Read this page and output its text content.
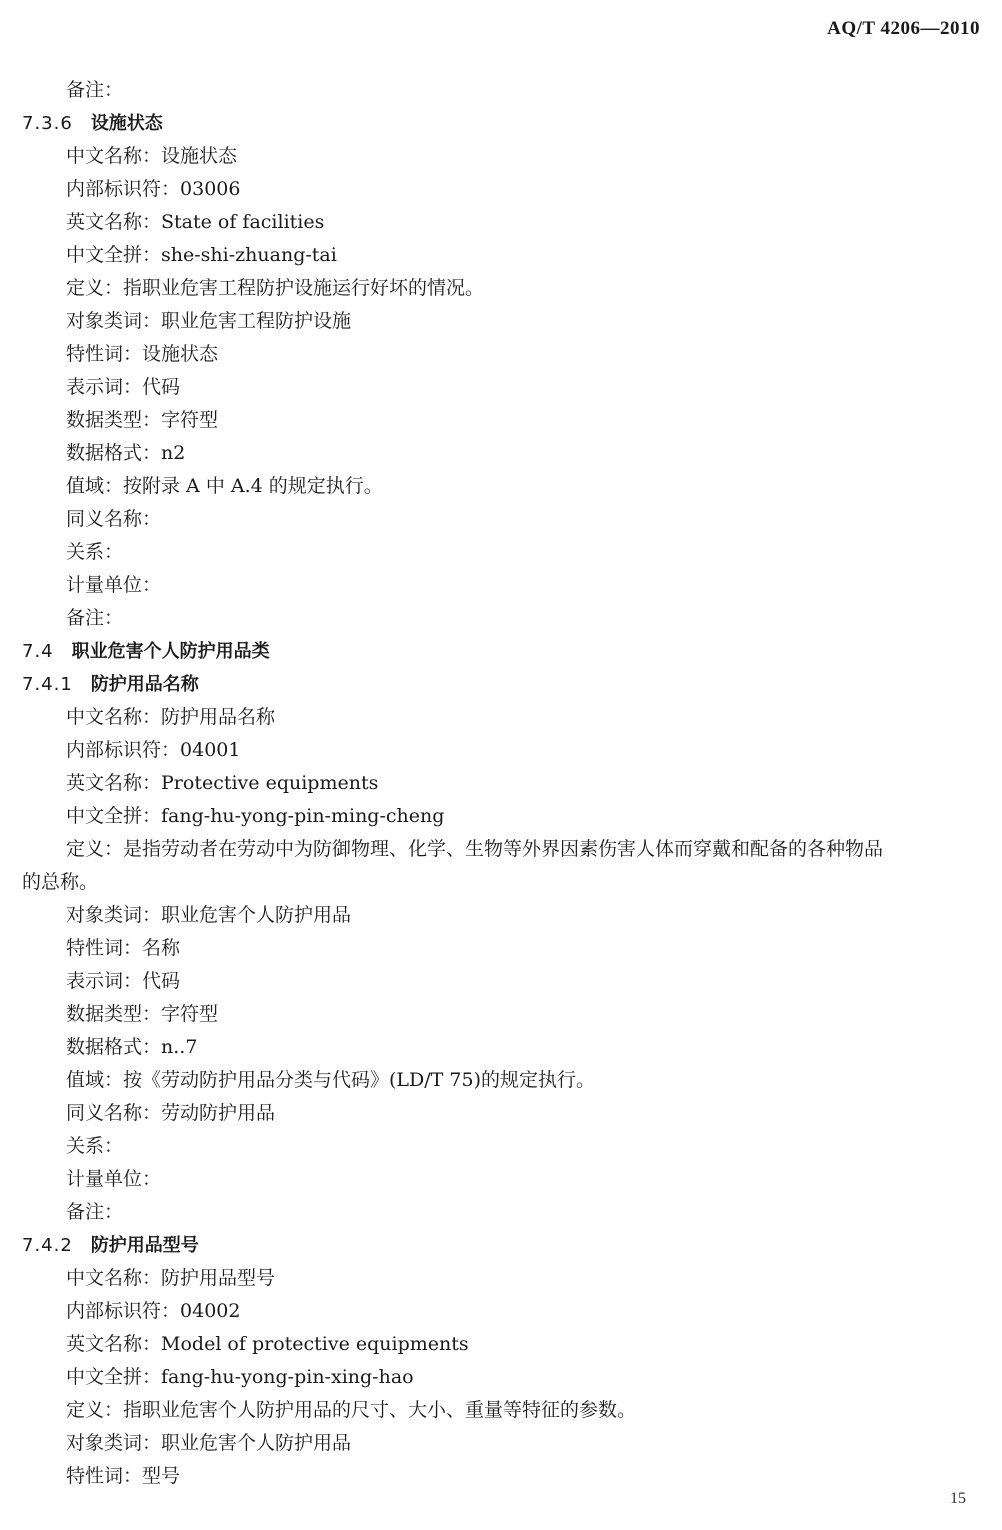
AQ/T 4206—2010
备注：
7.3.6 设施状态
中文名称：设施状态
内部标识符：03006
英文名称：State of facilities
中文全拼：she-shi-zhuang-tai
定义：指职业危害工程防护设施运行好坏的情况。
对象类词：职业危害工程防护设施
特性词：设施状态
表示词：代码
数据类型：字符型
数据格式：n2
值域：按附录 A 中 A.4 的规定执行。
同义名称：
关系：
计量单位：
备注：
7.4 职业危害个人防护用品类
7.4.1 防护用品名称
中文名称：防护用品名称
内部标识符：04001
英文名称：Protective equipments
中文全拼：fang-hu-yong-pin-ming-cheng
定义：是指劳动者在劳动中为防御物理、化学、生物等外界因素伤害人体而穿戴和配备的各种物品
的总称。
对象类词：职业危害个人防护用品
特性词：名称
表示词：代码
数据类型：字符型
数据格式：n..7
值域：按《劳动防护用品分类与代码》(LD/T 75)的规定执行。
同义名称：劳动防护用品
关系：
计量单位：
备注：
7.4.2 防护用品型号
中文名称：防护用品型号
内部标识符：04002
英文名称：Model of protective equipments
中文全拼：fang-hu-yong-pin-xing-hao
定义：指职业危害个人防护用品的尺寸、大小、重量等特征的参数。
对象类词：职业危害个人防护用品
特性词：型号
15
